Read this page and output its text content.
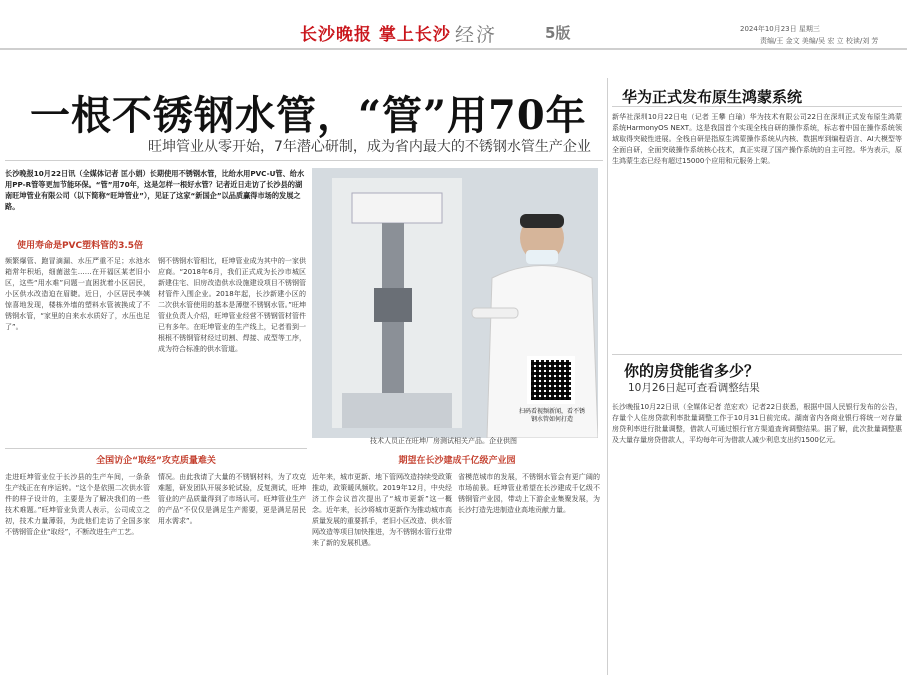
长沙晚报 掌上长沙 经济	5版	2024年10月23日 星期三
责编/王 金文 美编/吴 宏 立 校读/刘 芳
一根不锈钢水管，“管”用70年
旺坤管业从零开始，7年潜心研制，成为省内最大的不锈钢水管生产企业
长沙晚报10月22日讯（全媒体记者 匡小娟）长期使用不锈钢水管，比给水用PVC-U管、给水用PP-R管等更加节能环保。“管”用70年，这是怎样一根好水管？记者近日走访了长沙县的湖南旺坤管业有限公司（以下简称“旺坤管业”），见证了这家“新国企”以品质赢得市场的发展之路。
使用寿命是PVC塑料管的3.5倍
频繁爆管、跑冒滴漏、水压严重不足；水池水箱常年积垢，细菌滋生……在开福区某老旧小区，这些“用水难”问题一直困扰着小区居民，小区供水改造迫在眉睫。近日，小区居民李姨惊喜地发现，楼栋外墙的塑料水管被换成了不锈钢水管，“家里的自来水水质好了，水压也足了”。
钢不锈钢水管相比，旺坤管业成为其中的一家供应商。“2018年6月，我们正式成为长沙市城区新建住宅、旧房改造供水设施建设项目不锈钢管材管件入围企业。2018年起，长沙新建小区的二次供水管使用的基本是薄壁不锈钢水管。”旺坤管业负责人介绍，旺坤管业经营不锈钢管材管件已有多年。在旺坤管业的生产线上，记者看到一根根不锈钢管材经过切割、焊接、成型等工序，成为符合标准的供水管道。
扫码看视频新闻，看不锈钢水管如何打造
技术人员正在旺坤厂房测试相关产品。企业供图
全国访企“取经”攻克质量难关
走进旺坤管业位于长沙县的生产车间，一条条生产线正在有序运转。“这个是依照二次供水管件的样子设计的，主要是为了解决我们的一些技术难题。”旺坤管业负责人表示，公司成立之初，技术力量薄弱，为此他们走访了全国多家不锈钢管企业“取经”，不断改进生产工艺。
情况。由此我请了大量的不锈钢材料，为了攻克难题，研发团队开展多轮试验，反复测试，旺坤管业的产品质量得到了市场认可。旺坤管业生产的产品“不仅仅是满足生产需要，更是满足居民用水需求”。
期望在长沙建成千亿级产业园
近年来，城市更新、地下管网改造持续受政策推动，政策暖风频吹。2019年12月，中央经济工作会议首次提出了“城市更新”这一概念。近年来，长沙将城市更新作为推动城市高质量发展的重要抓手，老旧小区改造、供水管网改造等项目加快推进，为不锈钢水管行业带来了新的发展机遇。
省模范城市的发展，不锈钢水管会有更广阔的市场前景。旺坤管业希望在长沙建成千亿级不锈钢管产业园，带动上下游企业集聚发展，为长沙打造先进制造业高地贡献力量。
华为正式发布原生鸿蒙系统
新华社深圳10月22日电（记者 王攀 白瑜）华为技术有限公司22日在深圳正式发布原生鸿蒙系统HarmonyOS NEXT。这是我国首个实现全栈自研的操作系统，标志着中国在操作系统领域取得突破性进展。全栈自研是指原生鸿蒙操作系统从内核、数据库到编程语言、AI大模型等全面自研，全面突破操作系统核心技术，真正实现了国产操作系统的自主可控。华为表示，原生鸿蒙生态已经有超过15000个应用和元服务上架。
你的房贷能省多少？
10月26日起可查看调整结果
长沙晚报10月22日讯（全媒体记者 范宏欢）记者22日获悉，根据中国人民银行发布的公告，存量个人住房贷款利率批量调整工作于10月31日前完成。湖南省内各商业银行将统一对存量房贷利率进行批量调整，借款人可通过银行官方渠道查询调整结果。据了解，此次批量调整惠及大量存量房贷借款人，平均每年可为借款人减少利息支出约1500亿元。
